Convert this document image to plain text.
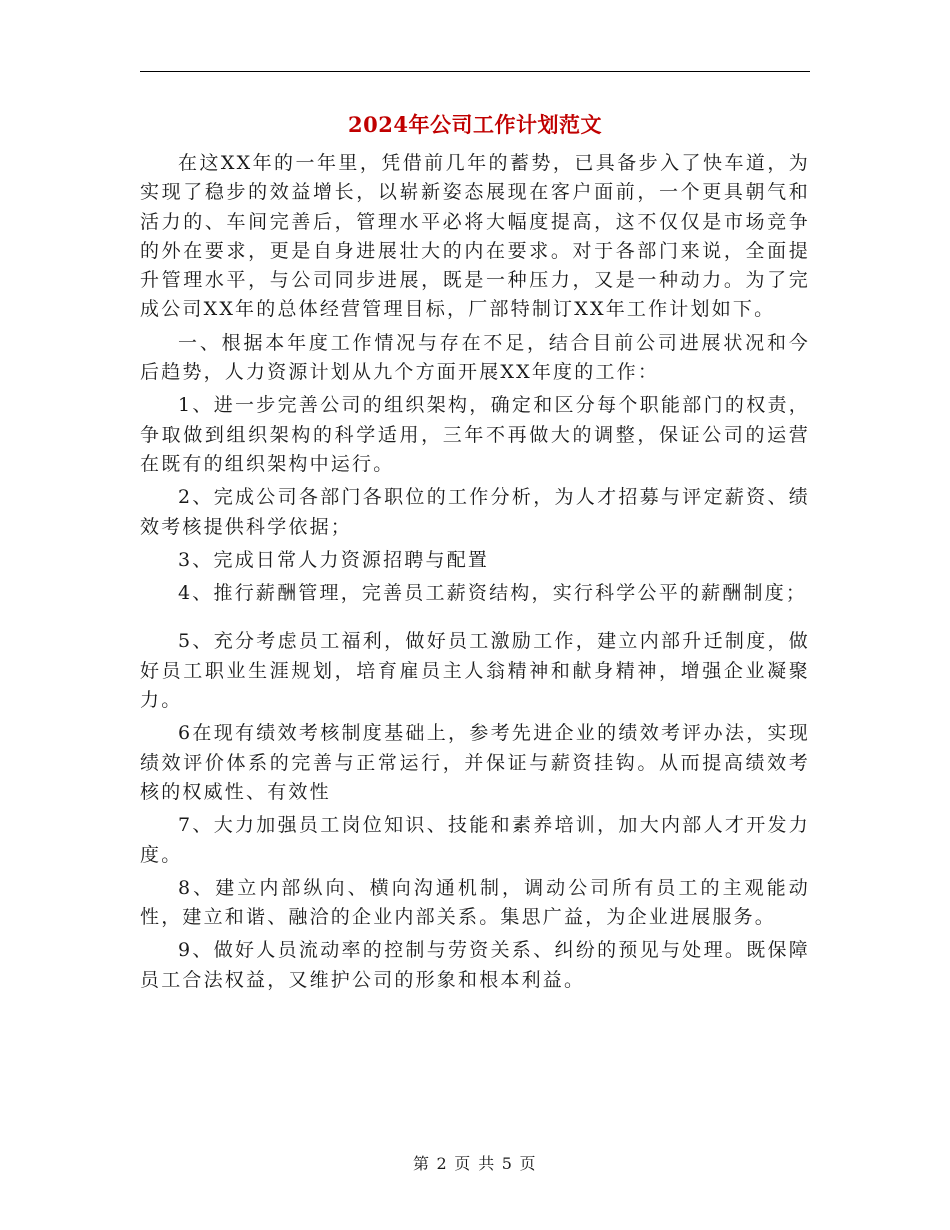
2024年公司工作计划范文

在这XX年的一年里，凭借前几年的蓄势，已具备步入了快车道，为实现了稳步的效益增长，以崭新姿态展现在客户面前，一个更具朝气和活力的、车间完善后，管理水平必将大幅度提高，这不仅仅是市场竞争的外在要求，更是自身进展壮大的内在要求。对于各部门来说，全面提升管理水平，与公司同步进展，既是一种压力，又是一种动力。为了完成公司XX年的总体经营管理目标，厂部特制订XX年工作计划如下。

一、根据本年度工作情况与存在不足，结合目前公司进展状况和今后趋势，人力资源计划从九个方面开展XX年度的工作：

1、进一步完善公司的组织架构，确定和区分每个职能部门的权责，争取做到组织架构的科学适用，三年不再做大的调整，保证公司的运营在既有的组织架构中运行。

2、完成公司各部门各职位的工作分析，为人才招募与评定薪资、绩效考核提供科学依据；

3、完成日常人力资源招聘与配置

4、推行薪酬管理，完善员工薪资结构，实行科学公平的薪酬制度；

5、充分考虑员工福利，做好员工激励工作，建立内部升迁制度，做好员工职业生涯规划，培育雇员主人翁精神和献身精神，增强企业凝聚力。

6在现有绩效考核制度基础上，参考先进企业的绩效考评办法，实现绩效评价体系的完善与正常运行，并保证与薪资挂钩。从而提高绩效考核的权威性、有效性

7、大力加强员工岗位知识、技能和素养培训，加大内部人才开发力度。

8、建立内部纵向、横向沟通机制，调动公司所有员工的主观能动性，建立和谐、融洽的企业内部关系。集思广益，为企业进展服务。

9、做好人员流动率的控制与劳资关系、纠纷的预见与处理。既保障员工合法权益，又维护公司的形象和根本利益。

第 2 页 共 5 页
